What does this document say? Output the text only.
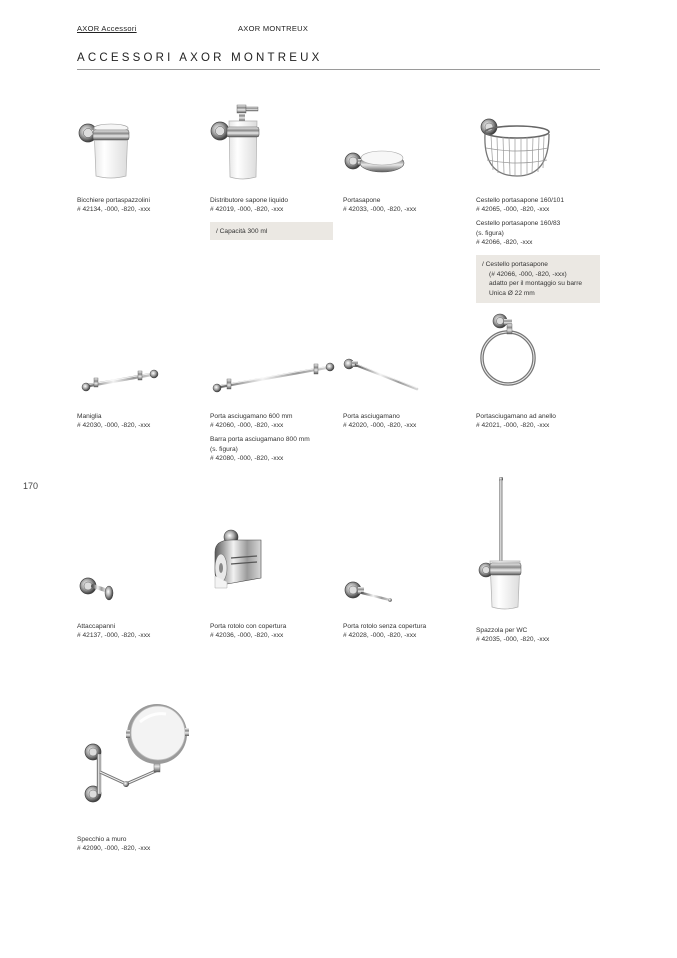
AXOR Accessori	AXOR MONTREUX
ACCESSORI AXOR MONTREUX
170
Bicchiere portaspazzolini
# 42134, -000, -820, -xxx
Distributore sapone liquido
# 42019, -000, -820, -xxx
/ Capacità 300 ml
Portasapone
# 42033, -000, -820, -xxx
Cestello portasapone 160/101
# 42065, -000, -820, -xxx
Cestello portasapone 160/83
(s. figura)
# 42066, -820, -xxx
/ Cestello portasapone
(# 42066, -000, -820, -xxx)
adatto per il montaggio su barre
Unica Ø 22 mm
Maniglia
# 42030, -000, -820, -xxx
Porta asciugamano 600 mm
# 42060, -000, -820, -xxx
Barra porta asciugamano 800 mm
(s. figura)
# 42080, -000, -820, -xxx
Porta asciugamano
# 42020, -000, -820, -xxx
Portasciugamano ad anello
# 42021, -000, -820, -xxx
Attaccapanni
# 42137, -000, -820, -xxx
Porta rotolo con copertura
# 42036, -000, -820, -xxx
Porta rotolo senza copertura
# 42028, -000, -820, -xxx
Spazzola per WC
# 42035, -000, -820, -xxx
Specchio a muro
# 42090, -000, -820, -xxx
